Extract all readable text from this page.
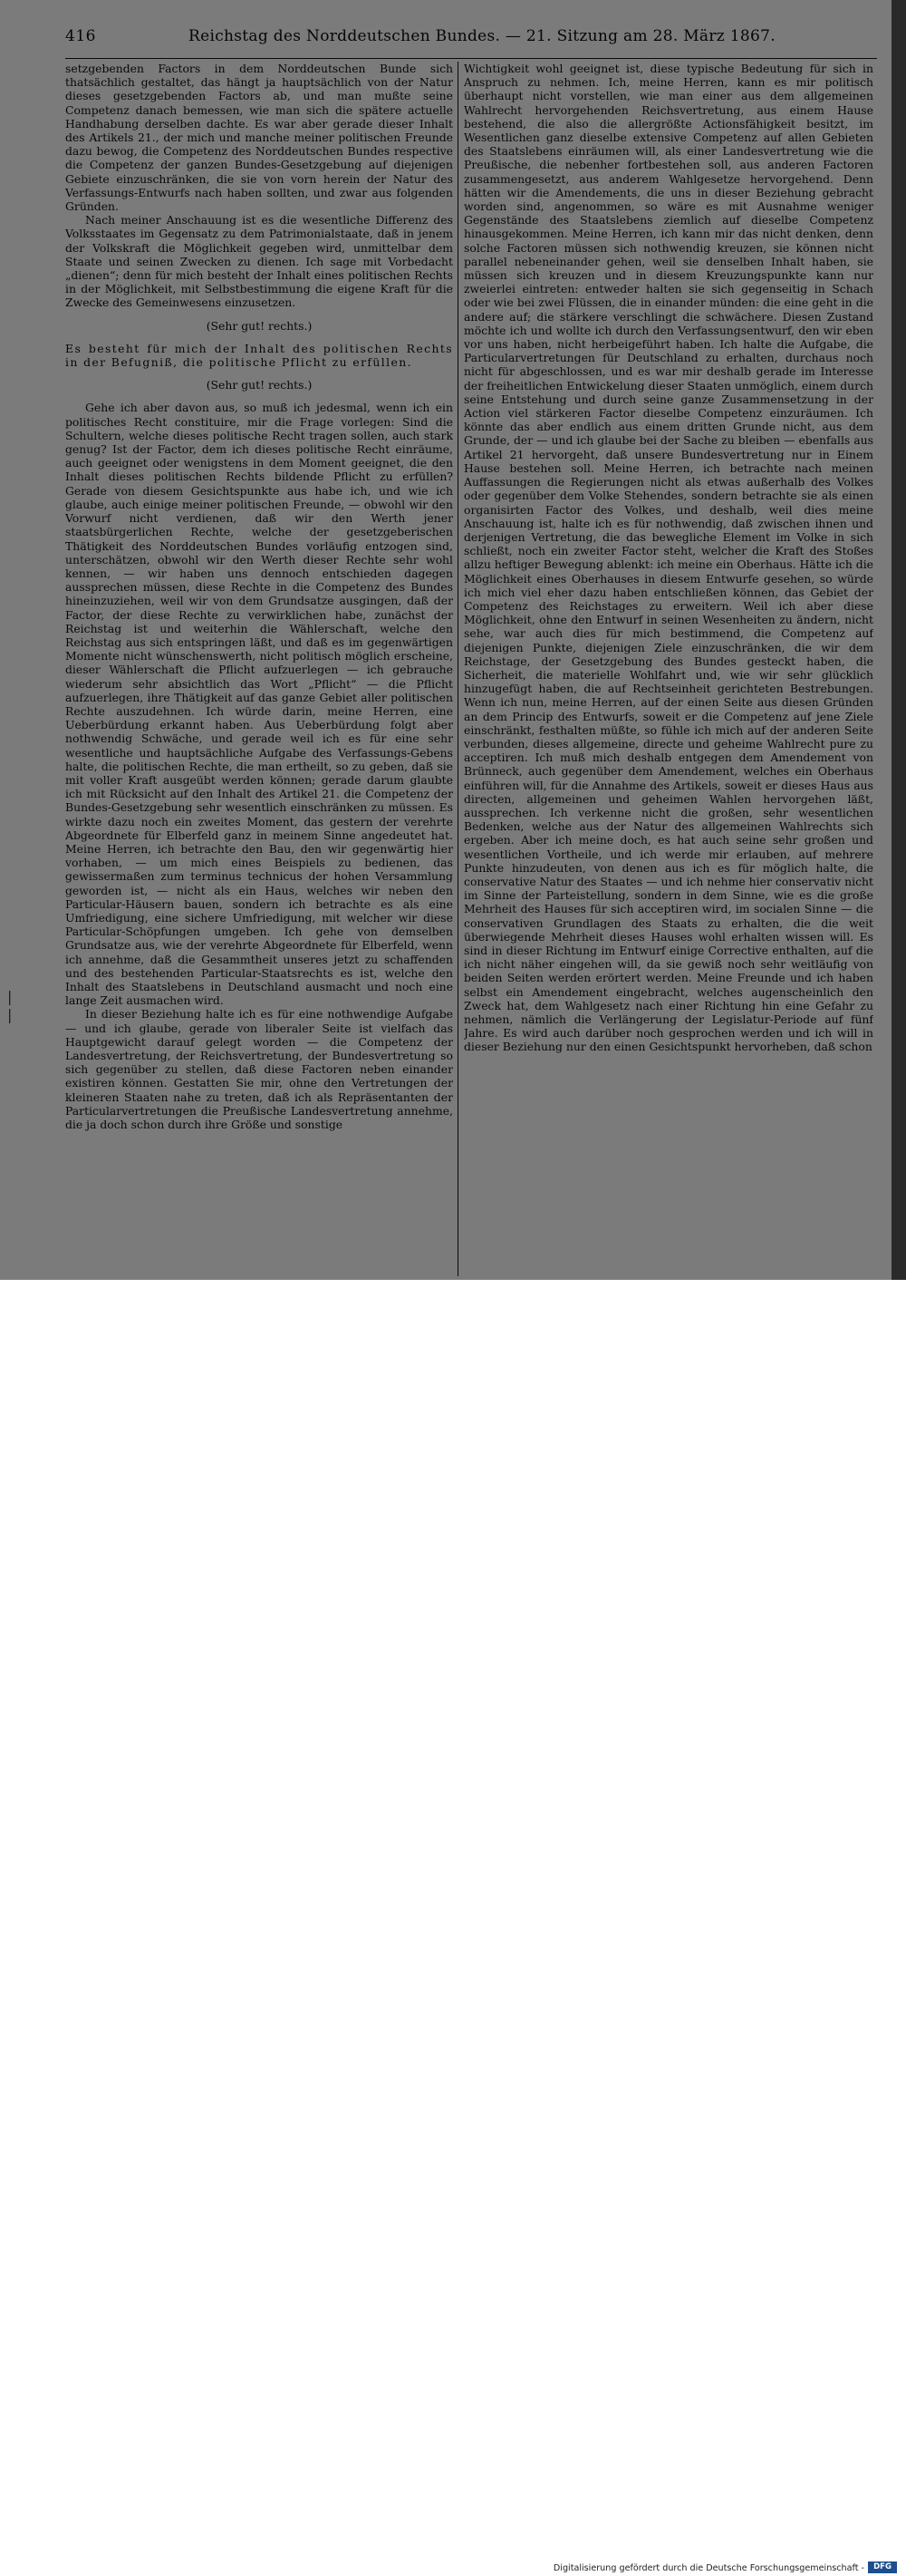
416	Reichstag des Norddeutschen Bundes. — 21. Sitzung am 28. März 1867.

setzgebenden Factors in dem Norddeutschen Bunde sich thatsächlich gestaltet, das hängt ja hauptsächlich von der Natur dieses gesetzgebenden Factors ab, und man mußte seine Competenz danach bemessen, wie man sich die spätere actuelle Handhabung derselben dachte. Es war aber gerade dieser Inhalt des Artikels 21., der mich und manche meiner politischen Freunde dazu bewog, die Competenz des Norddeutschen Bundes respective die Competenz der ganzen Bundes-Gesetzgebung auf diejenigen Gebiete einzuschränken, die sie von vorn herein der Natur des Verfassungs-Entwurfs nach haben sollten, und zwar aus folgenden Gründen.

Nach meiner Anschauung ist es die wesentliche Differenz des Volksstaates im Gegensatz zu dem Patrimonialstaate, daß in jenem der Volkskraft die Möglichkeit gegeben wird, unmittelbar dem Staate und seinen Zwecken zu dienen. Ich sage mit Vorbedacht „dienen“; denn für mich besteht der Inhalt eines politischen Rechts in der Möglichkeit, mit Selbstbestimmung die eigene Kraft für die Zwecke des Gemeinwesens einzusetzen.

(Sehr gut! rechts.)

Es besteht für mich der Inhalt des politischen Rechts in der Befugniß, die politische Pflicht zu erfüllen.

(Sehr gut! rechts.)

Gehe ich aber davon aus, so muß ich jedesmal, wenn ich ein politisches Recht constituire, mir die Frage vorlegen: Sind die Schultern, welche dieses politische Recht tragen sollen, auch stark genug? Ist der Factor, dem ich dieses politische Recht einräume, auch geeignet oder wenigstens in dem Moment geeignet, die den Inhalt dieses politischen Rechts bildende Pflicht zu erfüllen? Gerade von diesem Gesichtspunkte aus habe ich, und wie ich glaube, auch einige meiner politischen Freunde, — obwohl wir den Vorwurf nicht verdienen, daß wir den Werth jener staatsbürgerlichen Rechte, welche der gesetzgeberischen Thätigkeit des Norddeutschen Bundes vorläufig entzogen sind, unterschätzen, obwohl wir den Werth dieser Rechte sehr wohl kennen, — wir haben uns dennoch entschieden dagegen aussprechen müssen, diese Rechte in die Competenz des Bundes hineinzuziehen, weil wir von dem Grundsatze ausgingen, daß der Factor, der diese Rechte zu verwirklichen habe, zunächst der Reichstag ist und weiterhin die Wählerschaft, welche den Reichstag aus sich entspringen läßt, und daß es im gegenwärtigen Momente nicht wünschenswerth, nicht politisch möglich erscheine, dieser Wählerschaft die Pflicht aufzuerlegen — ich gebrauche wiederum sehr absichtlich das Wort „Pflicht“ — die Pflicht aufzuerlegen, ihre Thätigkeit auf das ganze Gebiet aller politischen Rechte auszudehnen. Ich würde darin, meine Herren, eine Ueberbürdung erkannt haben. Aus Ueberbürdung folgt aber nothwendig Schwäche, und gerade weil ich es für eine sehr wesentliche und hauptsächliche Aufgabe des Verfassungs-Gebens halte, die politischen Rechte, die man ertheilt, so zu geben, daß sie mit voller Kraft ausgeübt werden können; gerade darum glaubte ich mit Rücksicht auf den Inhalt des Artikel 21. die Competenz der Bundes-Gesetzgebung sehr wesentlich einschränken zu müssen. Es wirkte dazu noch ein zweites Moment, das gestern der verehrte Abgeordnete für Elberfeld ganz in meinem Sinne angedeutet hat. Meine Herren, ich betrachte den Bau, den wir gegenwärtig hier vorhaben, — um mich eines Beispiels zu bedienen, das gewissermaßen zum terminus technicus der hohen Versammlung geworden ist, — nicht als ein Haus, welches wir neben den Particular-Häusern bauen, sondern ich betrachte es als eine Umfriedigung, eine sichere Umfriedigung, mit welcher wir diese Particular-Schöpfungen umgeben. Ich gehe von demselben Grundsatze aus, wie der verehrte Abgeordnete für Elberfeld, wenn ich annehme, daß die Gesammtheit unseres jetzt zu schaffenden und des bestehenden Particular-Staatsrechts es ist, welche den Inhalt des Staatslebens in Deutschland ausmacht und noch eine lange Zeit ausmachen wird.

In dieser Beziehung halte ich es für eine nothwendige Aufgabe — und ich glaube, gerade von liberaler Seite ist vielfach das Hauptgewicht darauf gelegt worden — die Competenz der Landesvertretung, der Reichsvertretung, der Bundesvertretung so sich gegenüber zu stellen, daß diese Factoren neben einander existiren können. Gestatten Sie mir, ohne den Vertretungen der kleineren Staaten nahe zu treten, daß ich als Repräsentanten der Particularvertretungen die Preußische Landesvertretung annehme, die ja doch schon durch ihre Größe und sonstige

Wichtigkeit wohl geeignet ist, diese typische Bedeutung für sich in Anspruch zu nehmen. Ich, meine Herren, kann es mir politisch überhaupt nicht vorstellen, wie man einer aus dem allgemeinen Wahlrecht hervorgehenden Reichsvertretung, aus einem Hause bestehend, die also die allergrößte Actionsfähigkeit besitzt, im Wesentlichen ganz dieselbe extensive Competenz auf allen Gebieten des Staatslebens einräumen will, als einer Landesvertretung wie die Preußische, die nebenher fortbestehen soll, aus anderen Factoren zusammengesetzt, aus anderem Wahlgesetze hervorgehend. Denn hätten wir die Amendements, die uns in dieser Beziehung gebracht worden sind, angenommen, so wäre es mit Ausnahme weniger Gegenstände des Staatslebens ziemlich auf dieselbe Competenz hinausgekommen. Meine Herren, ich kann mir das nicht denken, denn solche Factoren müssen sich nothwendig kreuzen, sie können nicht parallel nebeneinander gehen, weil sie denselben Inhalt haben, sie müssen sich kreuzen und in diesem Kreuzungspunkte kann nur zweierlei eintreten: entweder halten sie sich gegenseitig in Schach oder wie bei zwei Flüssen, die in einander münden: die eine geht in die andere auf; die stärkere verschlingt die schwächere. Diesen Zustand möchte ich und wollte ich durch den Verfassungsentwurf, den wir eben vor uns haben, nicht herbeigeführt haben. Ich halte die Aufgabe, die Particularvertretungen für Deutschland zu erhalten, durchaus noch nicht für abgeschlossen, und es war mir deshalb gerade im Interesse der freiheitlichen Entwickelung dieser Staaten unmöglich, einem durch seine Entstehung und durch seine ganze Zusammensetzung in der Action viel stärkeren Factor dieselbe Competenz einzuräumen. Ich könnte das aber endlich aus einem dritten Grunde nicht, aus dem Grunde, der — und ich glaube bei der Sache zu bleiben — ebenfalls aus Artikel 21 hervorgeht, daß unsere Bundesvertretung nur in Einem Hause bestehen soll. Meine Herren, ich betrachte nach meinen Auffassungen die Regierungen nicht als etwas außerhalb des Volkes oder gegenüber dem Volke Stehendes, sondern betrachte sie als einen organisirten Factor des Volkes, und deshalb, weil dies meine Anschauung ist, halte ich es für nothwendig, daß zwischen ihnen und derjenigen Vertretung, die das bewegliche Element im Volke in sich schließt, noch ein zweiter Factor steht, welcher die Kraft des Stoßes allzu heftiger Bewegung ablenkt: ich meine ein Oberhaus. Hätte ich die Möglichkeit eines Oberhauses in diesem Entwurfe gesehen, so würde ich mich viel eher dazu haben entschließen können, das Gebiet der Competenz des Reichstages zu erweitern. Weil ich aber diese Möglichkeit, ohne den Entwurf in seinen Wesenheiten zu ändern, nicht sehe, war auch dies für mich bestimmend, die Competenz auf diejenigen Punkte, diejenigen Ziele einzuschränken, die wir dem Reichstage, der Gesetzgebung des Bundes gesteckt haben, die Sicherheit, die materielle Wohlfahrt und, wie wir sehr glücklich hinzugefügt haben, die auf Rechtseinheit gerichteten Bestrebungen. Wenn ich nun, meine Herren, auf der einen Seite aus diesen Gründen an dem Princip des Entwurfs, soweit er die Competenz auf jene Ziele einschränkt, festhalten müßte, so fühle ich mich auf der anderen Seite verbunden, dieses allgemeine, directe und geheime Wahlrecht pure zu acceptiren. Ich muß mich deshalb entgegen dem Amendement von Brünneck, auch gegenüber dem Amendement, welches ein Oberhaus einführen will, für die Annahme des Artikels, soweit er dieses Haus aus directen, allgemeinen und geheimen Wahlen hervorgehen läßt, aussprechen. Ich verkenne nicht die großen, sehr wesentlichen Bedenken, welche aus der Natur des allgemeinen Wahlrechts sich ergeben. Aber ich meine doch, es hat auch seine sehr großen und wesentlichen Vortheile, und ich werde mir erlauben, auf mehrere Punkte hinzudeuten, von denen aus ich es für möglich halte, die conservative Natur des Staates — und ich nehme hier conservativ nicht im Sinne der Parteistellung, sondern in dem Sinne, wie es die große Mehrheit des Hauses für sich acceptiren wird, im socialen Sinne — die conservativen Grundlagen des Staats zu erhalten, die die weit überwiegende Mehrheit dieses Hauses wohl erhalten wissen will. Es sind in dieser Richtung im Entwurf einige Corrective enthalten, auf die ich nicht näher eingehen will, da sie gewiß noch sehr weitläufig von beiden Seiten werden erörtert werden. Meine Freunde und ich haben selbst ein Amendement eingebracht, welches augenscheinlich den Zweck hat, dem Wahlgesetz nach einer Richtung hin eine Gefahr zu nehmen, nämlich die Verlängerung der Legislatur-Periode auf fünf Jahre. Es wird auch darüber noch gesprochen werden und ich will in dieser Beziehung nur den einen Gesichtspunkt hervorheben, daß schon

|
|
Digitalisierung gefördert durch die Deutsche Forschungsgemeinschaft -	DFG
